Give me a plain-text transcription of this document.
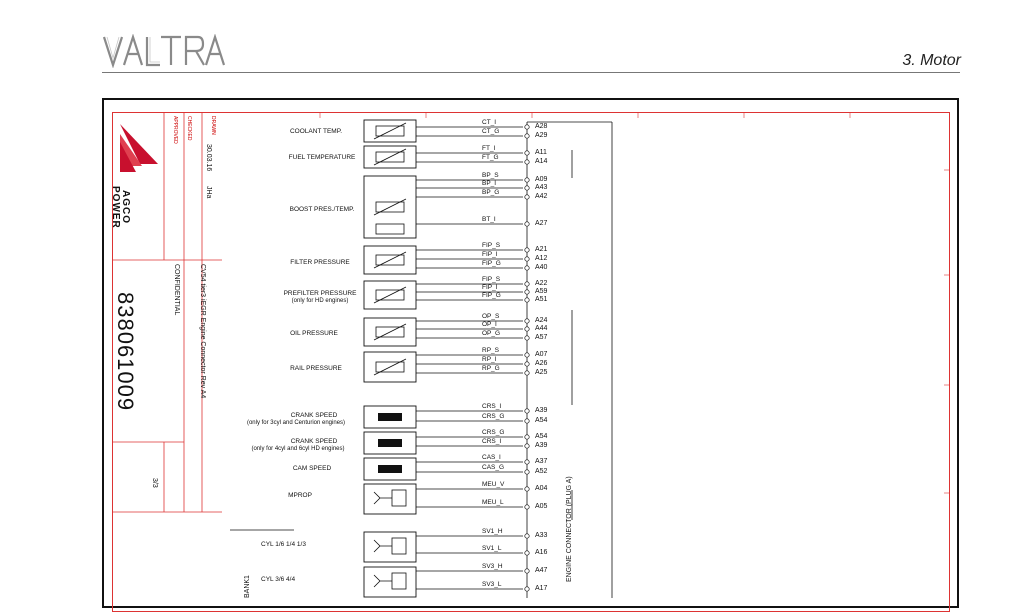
3. Motor
AGCO
POWER
DRAWN
CHECKED
APPROVED
30.03.16
JHa
CV54 tier3 iEGR Engine Connector Rev A4
CONFIDENTIAL
838061009
3/3
COOLANT TEMP.
FUEL TEMPERATURE
BOOST PRES./TEMP.
FILTER PRESSURE
PREFILTER PRESSURE
(only for HD engines)
OIL PRESSURE
RAIL PRESSURE
CRANK SPEED
(only for 3cyl and Centurion engines)
CRANK SPEED
(only for 4cyl and 6cyl HD engines)
CAM SPEED
MPROP
CYL 1/6 1/4 1/3
CYL 3/6 4/4
BANK1
ENGINE CONNECTOR (PLUG A)
CT_I
A28
CT_G
A29
FT_I
A11
FT_G
A14
BP_S
A09
BP_I
A43
BP_G
A42
BT_I
A27
FIP_S
A21
FIP_I
A12
FIP_G
A40
FIP_S
A22
FIP_I
A59
FIP_G
A51
OP_S
A24
OP_I
A44
OP_G
A57
RP_S
A07
RP_I
A26
RP_G
A25
CRS_I
A39
CRS_G
A54
CRS_G
A54
CRS_I
A39
CAS_I
A37
CAS_G
A52
MEU_V
A04
MEU_L
A05
SV1_H
A33
SV1_L
A16
SV3_H
A47
SV3_L
A17
